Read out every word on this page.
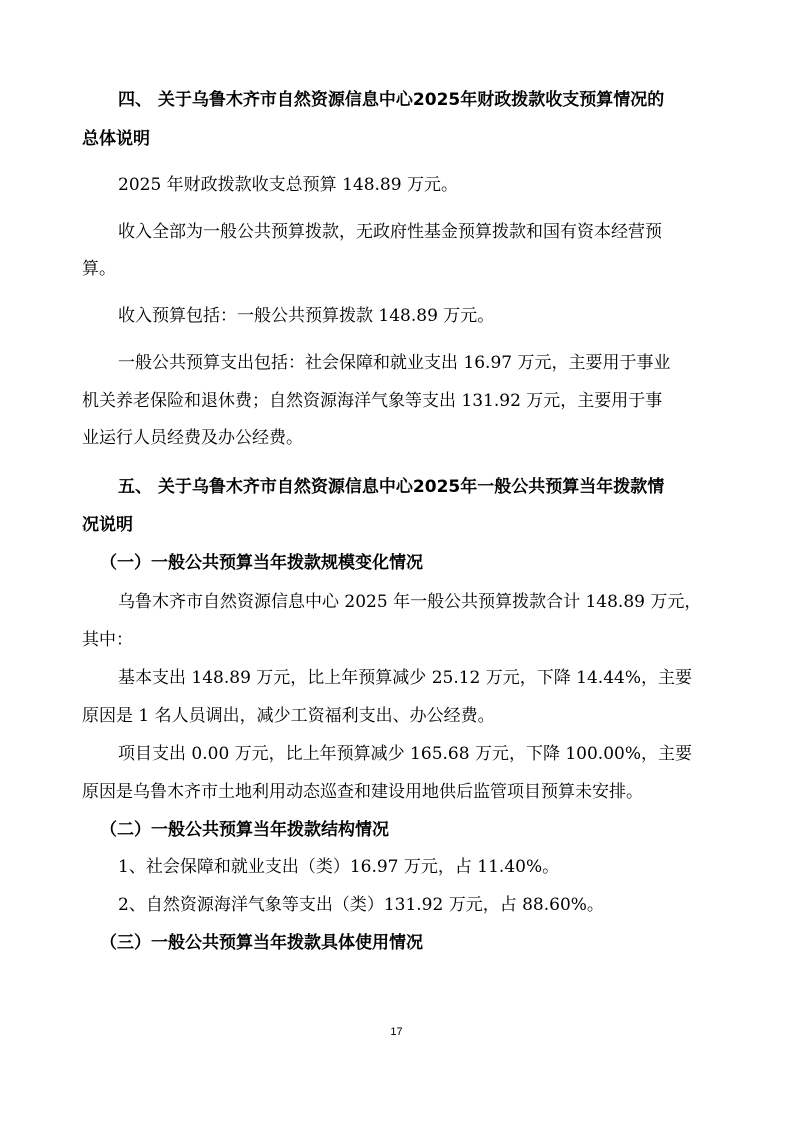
四、 关于乌鲁木齐市自然资源信息中心2025年财政拨款收支预算情况的
总体说明
2025 年财政拨款收支总预算 148.89 万元。
收入全部为一般公共预算拨款，无政府性基金预算拨款和国有资本经营预
算。
收入预算包括：一般公共预算拨款 148.89 万元。
一般公共预算支出包括：社会保障和就业支出 16.97 万元，主要用于事业
机关养老保险和退休费；自然资源海洋气象等支出 131.92 万元，主要用于事
业运行人员经费及办公经费。
五、 关于乌鲁木齐市自然资源信息中心2025年一般公共预算当年拨款情
况说明
（一）一般公共预算当年拨款规模变化情况
乌鲁木齐市自然资源信息中心 2025 年一般公共预算拨款合计 148.89 万元，
其中：
基本支出 148.89 万元，比上年预算减少 25.12 万元，下降 14.44%，主要
原因是 1 名人员调出，减少工资福利支出、办公经费。
项目支出 0.00 万元，比上年预算减少 165.68 万元，下降 100.00%，主要
原因是乌鲁木齐市土地利用动态巡查和建设用地供后监管项目预算未安排。
（二）一般公共预算当年拨款结构情况
1、社会保障和就业支出（类）16.97 万元，占 11.40%。
2、自然资源海洋气象等支出（类）131.92 万元，占 88.60%。
（三）一般公共预算当年拨款具体使用情况
17
